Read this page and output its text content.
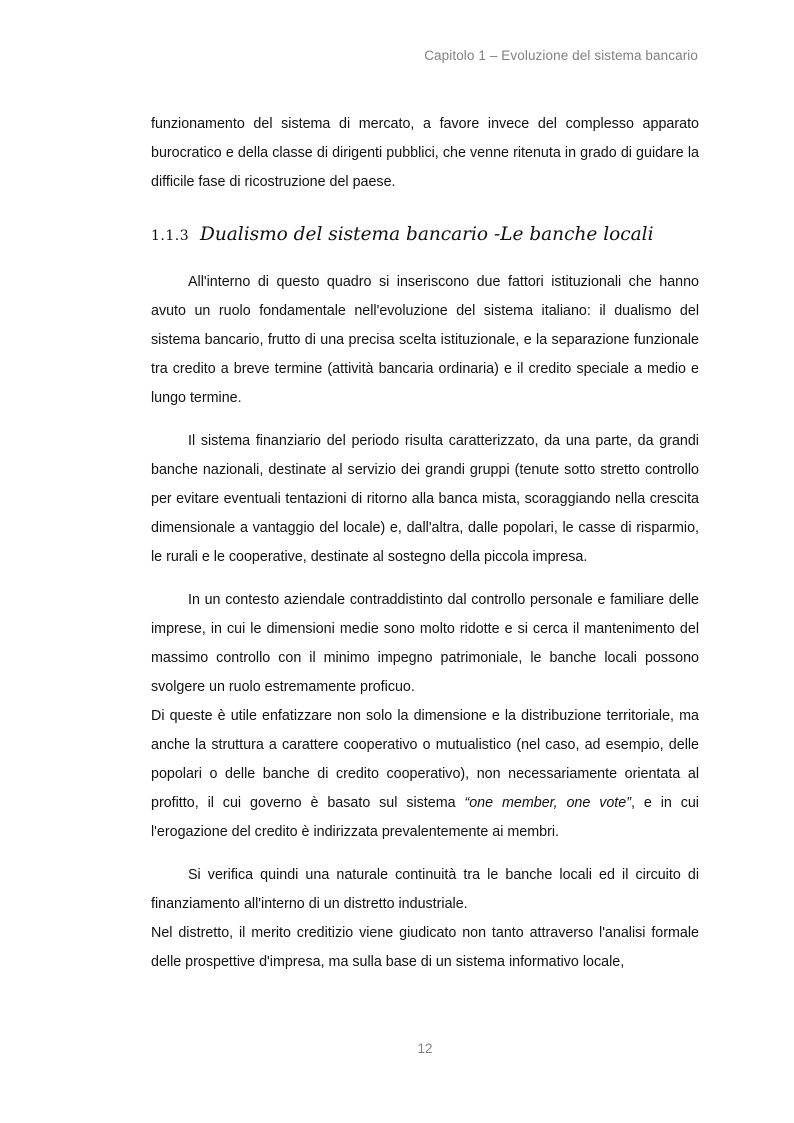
Capitolo 1 – Evoluzione del sistema bancario

funzionamento del sistema di mercato, a favore invece del complesso apparato burocratico e della classe di dirigenti pubblici, che venne ritenuta in grado di guidare la difficile fase di ricostruzione del paese.

1.1.3 Dualismo del sistema bancario -Le banche locali

All'interno di questo quadro si inseriscono due fattori istituzionali che hanno avuto un ruolo fondamentale nell'evoluzione del sistema italiano: il dualismo del sistema bancario, frutto di una precisa scelta istituzionale, e la separazione funzionale tra credito a breve termine (attività bancaria ordinaria) e il credito speciale a medio e lungo termine.

Il sistema finanziario del periodo risulta caratterizzato, da una parte, da grandi banche nazionali, destinate al servizio dei grandi gruppi (tenute sotto stretto controllo per evitare eventuali tentazioni di ritorno alla banca mista, scoraggiando nella crescita dimensionale a vantaggio del locale) e, dall'altra, dalle popolari, le casse di risparmio, le rurali e le cooperative, destinate al sostegno della piccola impresa.

In un contesto aziendale contraddistinto dal controllo personale e familiare delle imprese, in cui le dimensioni medie sono molto ridotte e si cerca il mantenimento del massimo controllo con il minimo impegno patrimoniale, le banche locali possono svolgere un ruolo estremamente proficuo.

Di queste è utile enfatizzare non solo la dimensione e la distribuzione territoriale, ma anche la struttura a carattere cooperativo o mutualistico (nel caso, ad esempio, delle popolari o delle banche di credito cooperativo), non necessariamente orientata al profitto, il cui governo è basato sul sistema “one member, one vote”, e in cui l'erogazione del credito è indirizzata prevalentemente ai membri.

Si verifica quindi una naturale continuità tra le banche locali ed il circuito di finanziamento all'interno di un distretto industriale.

Nel distretto, il merito creditizio viene giudicato non tanto attraverso l'analisi formale delle prospettive d'impresa, ma sulla base di un sistema informativo locale,

12
